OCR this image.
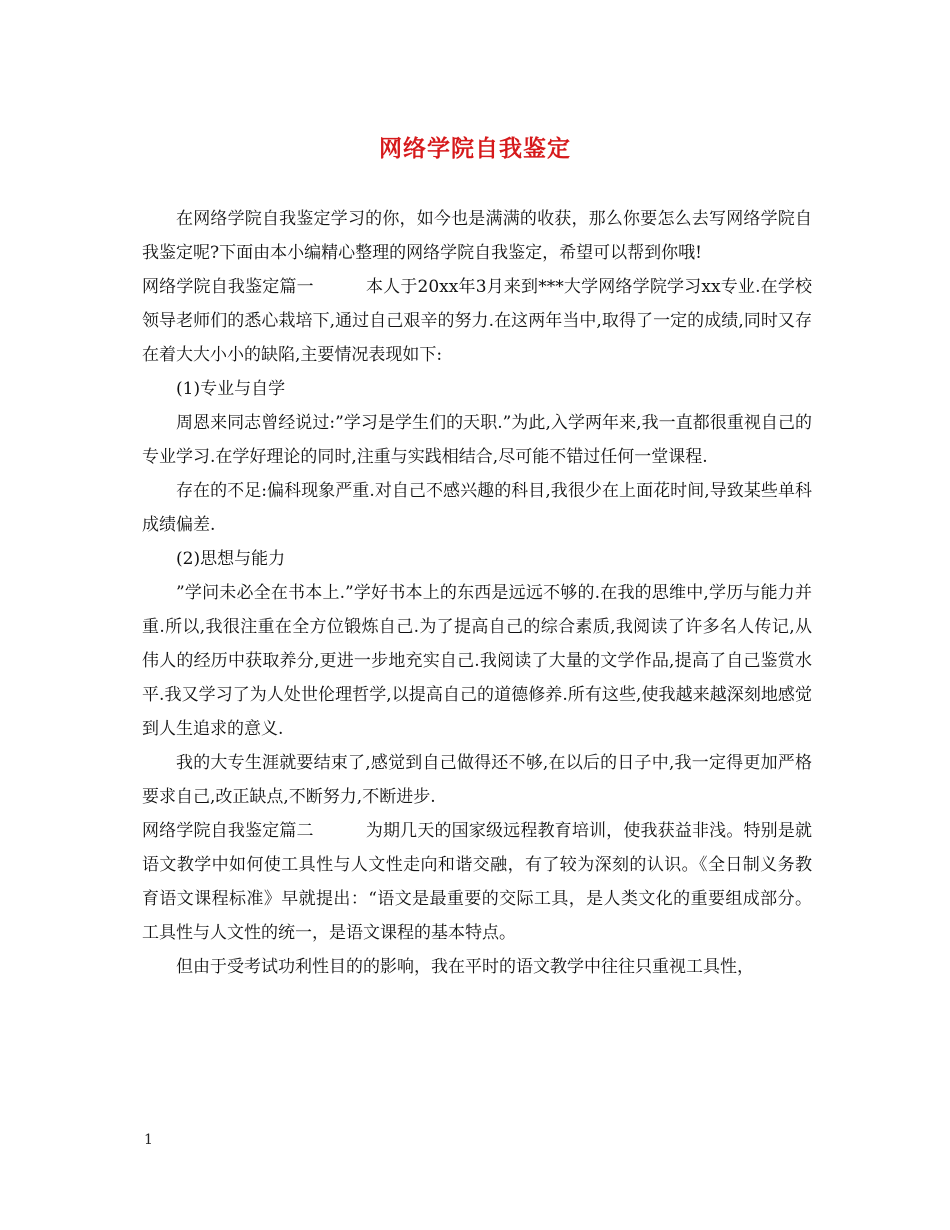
网络学院自我鉴定

在网络学院自我鉴定学习的你，如今也是满满的收获，那么你要怎么去写网络学院自我鉴定呢?下面由本小编精心整理的网络学院自我鉴定，希望可以帮到你哦!

网络学院自我鉴定篇一	本人于20xx年3月来到***大学网络学院学习xx专业.在学校领导老师们的悉心栽培下,通过自己艰辛的努力.在这两年当中,取得了一定的成绩,同时又存在着大大小小的缺陷,主要情况表现如下:

(1)专业与自学

周恩来同志曾经说过:”学习是学生们的天职.”为此,入学两年来,我一直都很重视自己的专业学习.在学好理论的同时,注重与实践相结合,尽可能不错过任何一堂课程.

存在的不足:偏科现象严重.对自己不感兴趣的科目,我很少在上面花时间,导致某些单科成绩偏差.

(2)思想与能力

”学问未必全在书本上.”学好书本上的东西是远远不够的.在我的思维中,学历与能力并重.所以,我很注重在全方位锻炼自己.为了提高自己的综合素质,我阅读了许多名人传记,从伟人的经历中获取养分,更进一步地充实自己.我阅读了大量的文学作品,提高了自己鉴赏水平.我又学习了为人处世伦理哲学,以提高自己的道德修养.所有这些,使我越来越深刻地感觉到人生追求的意义.

我的大专生涯就要结束了,感觉到自己做得还不够,在以后的日子中,我一定得更加严格要求自己,改正缺点,不断努力,不断进步.

网络学院自我鉴定篇二	为期几天的国家级远程教育培训，使我获益非浅。特别是就语文教学中如何使工具性与人文性走向和谐交融，有了较为深刻的认识。《全日制义务教育语文课程标准》早就提出：“语文是最重要的交际工具，是人类文化的重要组成部分。工具性与人文性的统一，是语文课程的基本特点。

但由于受考试功利性目的的影响，我在平时的语文教学中往往只重视工具性，

1
